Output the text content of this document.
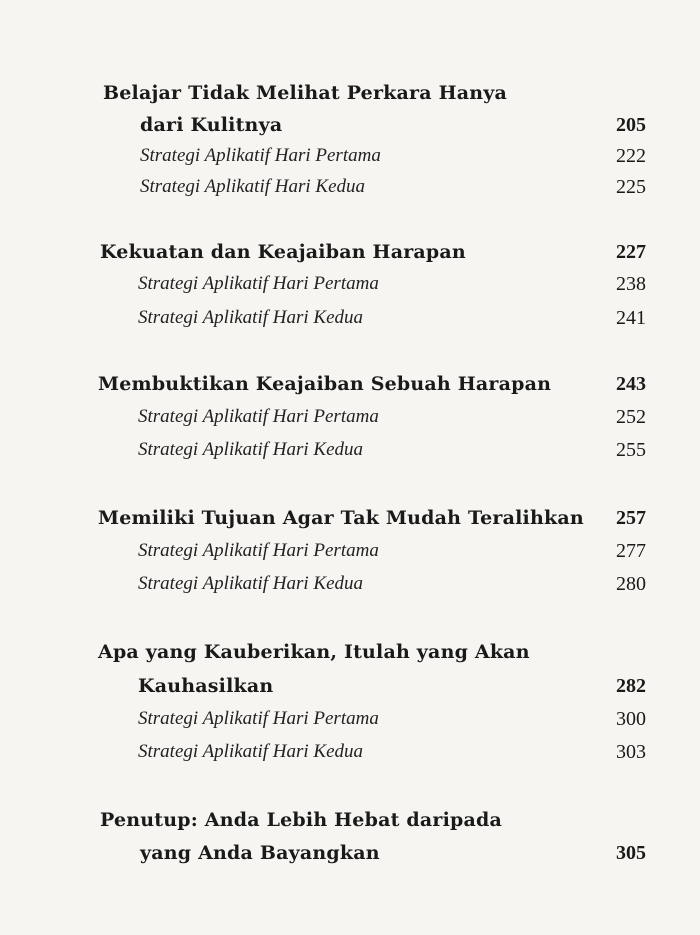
Belajar Tidak Melihat Perkara Hanya
dari Kulitnya	205
Strategi Aplikatif Hari Pertama	222
Strategi Aplikatif Hari Kedua	225
Kekuatan dan Keajaiban Harapan	227
Strategi Aplikatif Hari Pertama	238
Strategi Aplikatif Hari Kedua	241
Membuktikan Keajaiban Sebuah Harapan	243
Strategi Aplikatif Hari Pertama	252
Strategi Aplikatif Hari Kedua	255
Memiliki Tujuan Agar Tak Mudah Teralihkan 257
Strategi Aplikatif Hari Pertama	277
Strategi Aplikatif Hari Kedua	280
Apa yang Kauberikan, Itulah yang Akan
Kauhasilkan	282
Strategi Aplikatif Hari Pertama	300
Strategi Aplikatif Hari Kedua	303
Penutup: Anda Lebih Hebat daripada
yang Anda Bayangkan	305
